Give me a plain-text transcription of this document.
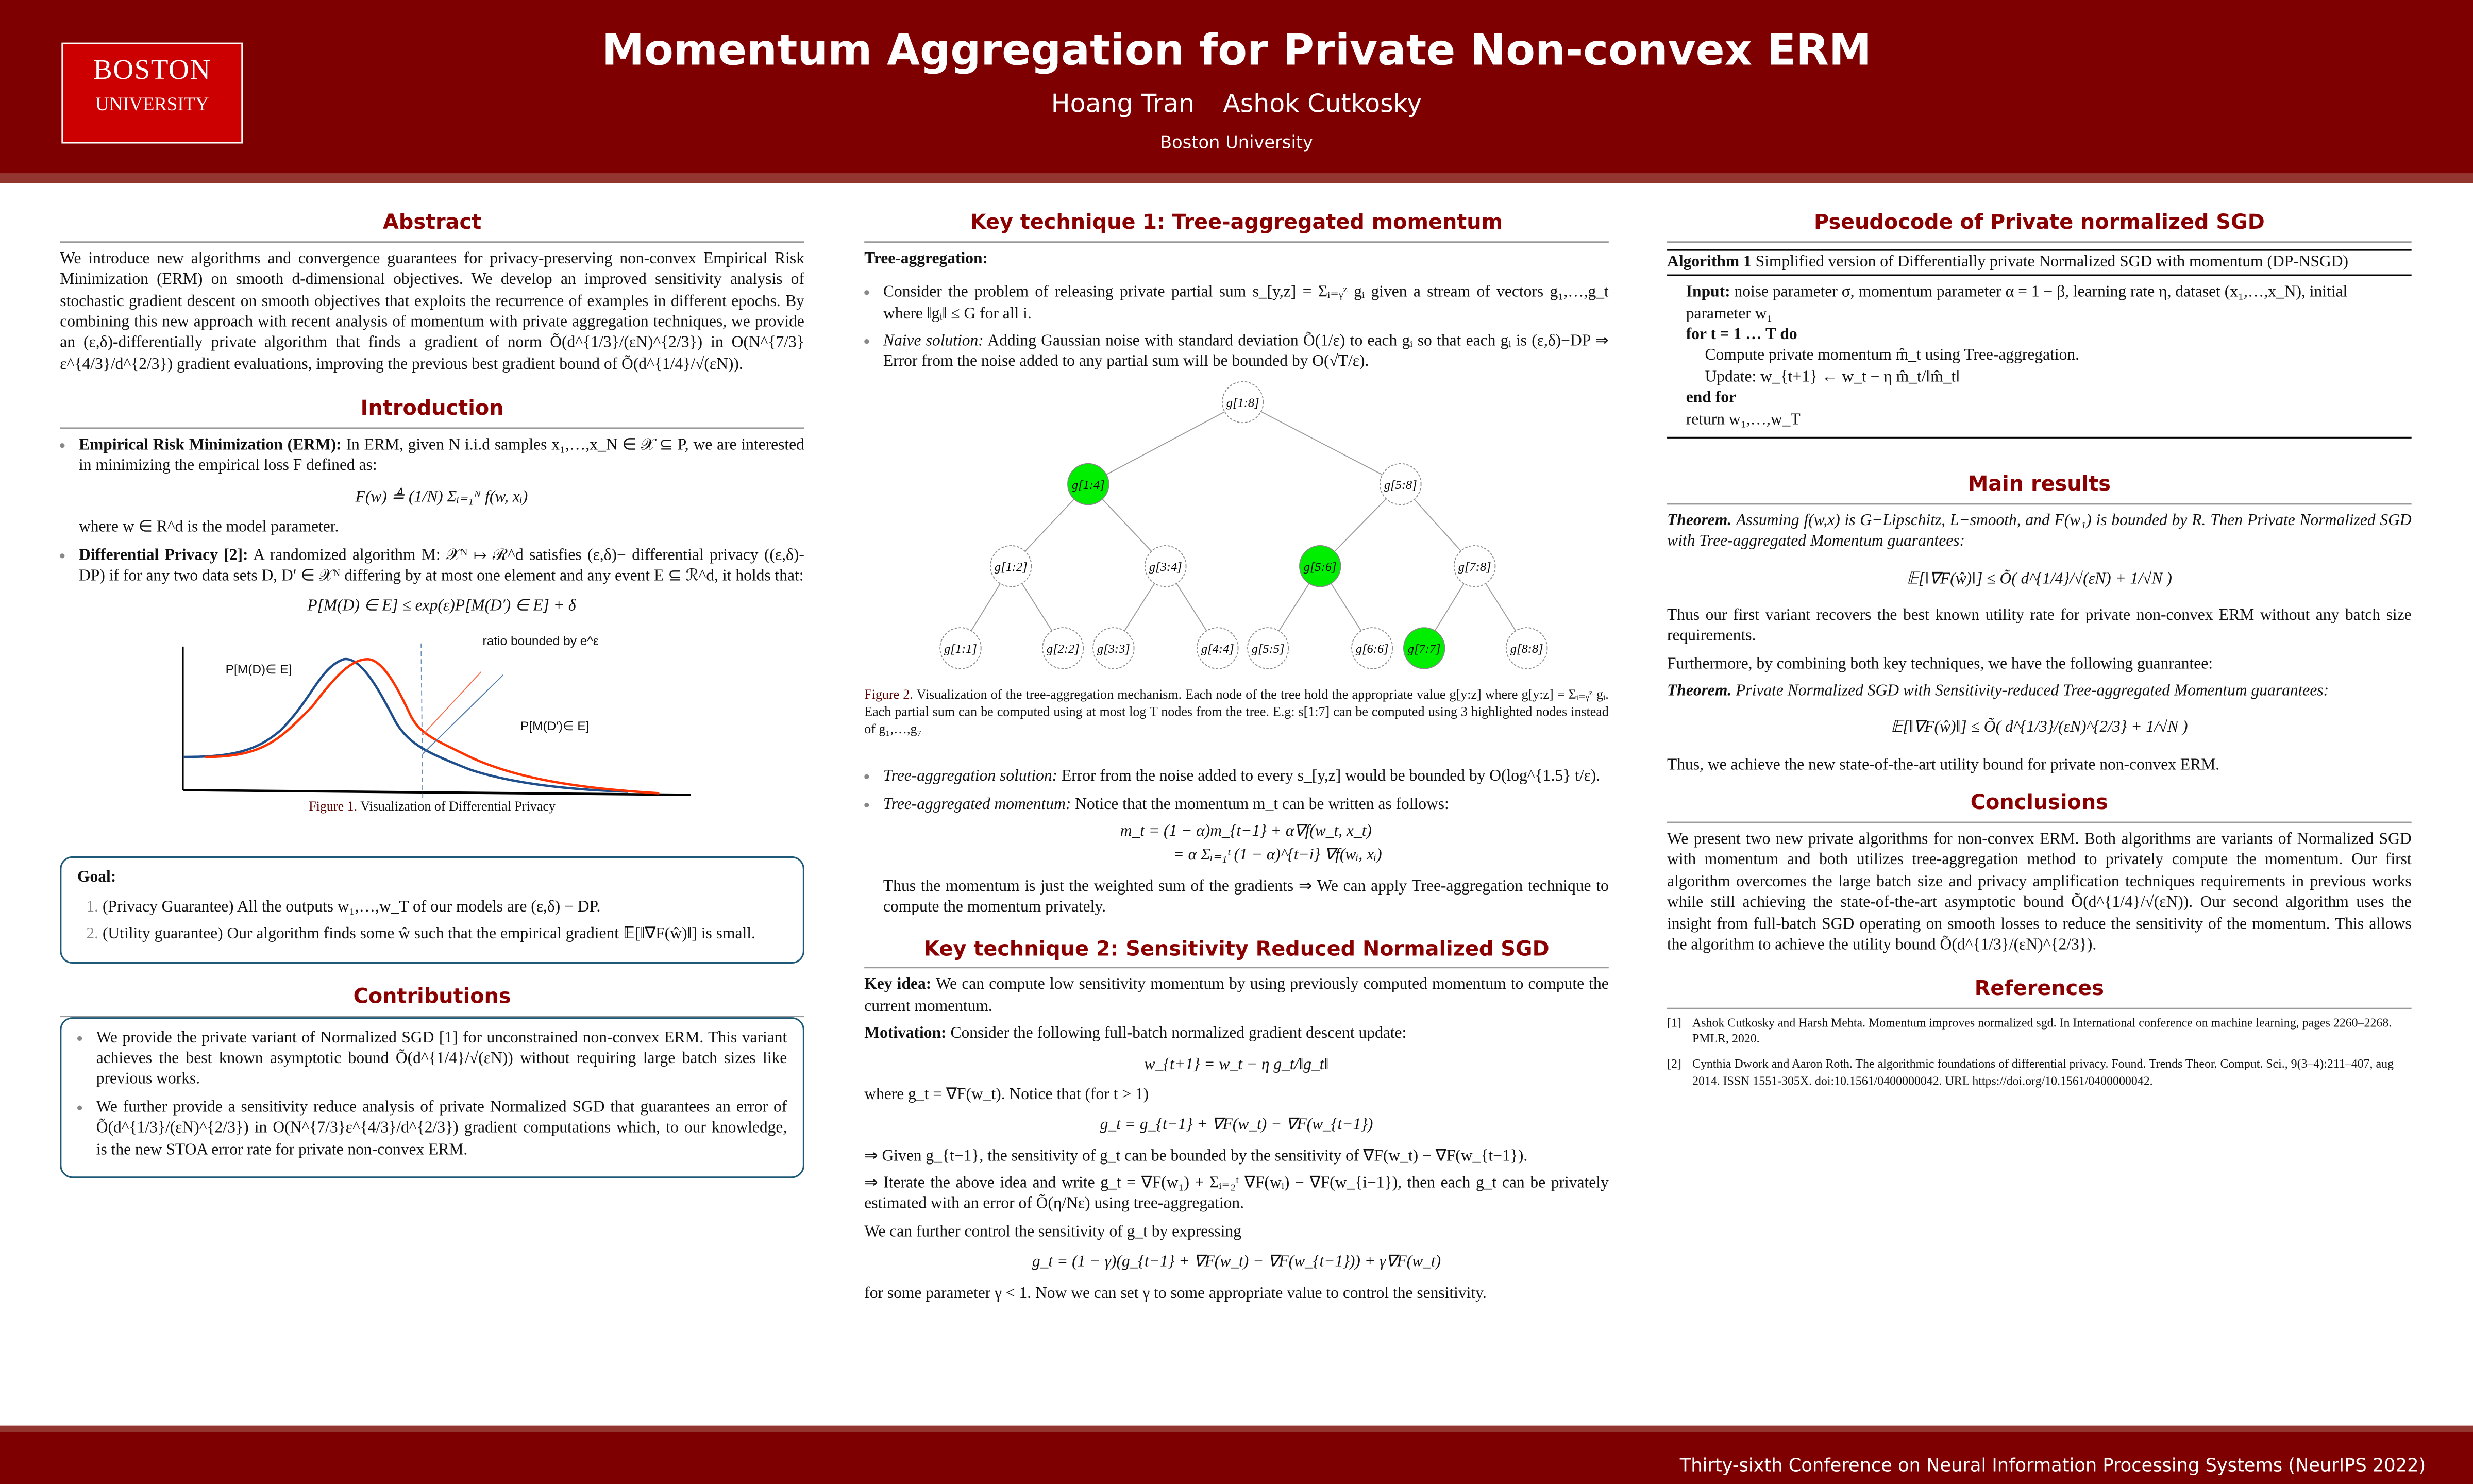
BOSTON
UNIVERSITY
Momentum Aggregation for Private Non-convex ERM
Hoang Tran	Ashok Cutkosky
Boston University
Abstract

We introduce new algorithms and convergence guarantees for privacy-preserving non-convex Empirical Risk Minimization (ERM) on smooth d-dimensional objectives. We develop an improved sensitivity analysis of stochastic gradient descent on smooth objectives that exploits the recurrence of examples in different epochs. By combining this new approach with recent analysis of momentum with private aggregation techniques, we provide an (ε,δ)-differentially private algorithm that finds a gradient of norm Õ(d^{1/3}/(εN)^{2/3}) in O(N^{7/3}ε^{4/3}/d^{2/3}) gradient evaluations, improving the previous best gradient bound of Õ(d^{1/4}/√(εN)).

Introduction
• Empirical Risk Minimization (ERM): In ERM, given N i.i.d samples x₁,…,x_N ∈ 𝒳 ⊆ P, we are interested in minimizing the empirical loss F defined as:
F(w) ≜ (1/N) Σᵢ₌₁ᴺ f(w, xᵢ)
where w ∈ R^d is the model parameter.
• Differential Privacy [2]: A randomized algorithm M: 𝒳ᴺ ↦ ℛ^d satisfies (ε,δ)− differential privacy ((ε,δ)-DP) if for any two data sets D, D′ ∈ 𝒳ᴺ differing by at most one element and any event E ⊆ ℛ^d, it holds that:
P[M(D) ∈ E] ≤ exp(ε)P[M(D′) ∈ E] + δ
P[M(D)∈ E]
P[M(D′)∈ E]
ratio bounded by e^ε
Figure 1. Visualization of Differential Privacy
Goal:
1. (Privacy Guarantee) All the outputs w₁,…,w_T of our models are (ε,δ) − DP.
2. (Utility guarantee) Our algorithm finds some ŵ such that the empirical gradient 𝔼[‖∇F(ŵ)‖] is small.
Contributions
• We provide the private variant of Normalized SGD [1] for unconstrained non-convex ERM. This variant achieves the best known asymptotic bound Õ(d^{1/4}/√(εN)) without requiring large batch sizes like previous works.
• We further provide a sensitivity reduce analysis of private Normalized SGD that guarantees an error of Õ(d^{1/3}/(εN)^{2/3}) in O(N^{7/3}ε^{4/3}/d^{2/3}) gradient computations which, to our knowledge, is the new STOA error rate for private non-convex ERM.
Key technique 1: Tree-aggregated momentum
Tree-aggregation:
• Consider the problem of releasing private partial sum s_[y,z] = Σᵢ₌ᵧᶻ gᵢ given a stream of vectors g₁,…,g_t where ‖gᵢ‖ ≤ G for all i.
• Naive solution: Adding Gaussian noise with standard deviation Õ(1/ε) to each gᵢ so that each gᵢ is (ε,δ)−DP ⇒ Error from the noise added to any partial sum will be bounded by O(√T/ε).
g[1:8]
g[1:4]	g[5:8]
g[1:2]	g[3:4]	g[5:6]	g[7:8]
g[1:1]	g[2:2]	g[3:3]	g[4:4]	g[5:5]	g[6:6]	g[7:7]	g[8:8]
Figure 2. Visualization of the tree-aggregation mechanism. Each node of the tree hold the appropriate value g[y:z] where g[y:z] = Σᵢ₌ᵧᶻ gᵢ. Each partial sum can be computed using at most log T nodes from the tree. E.g: s[1:7] can be computed using 3 highlighted nodes instead of g₁,…,g₇
• Tree-aggregation solution: Error from the noise added to every s_[y,z] would be bounded by O(log^{1.5} t/ε).
• Tree-aggregated momentum: Notice that the momentum m_t can be written as follows:
m_t = (1 − α)m_{t−1} + α∇f(w_t, x_t)
= α Σᵢ₌₁ᵗ (1 − α)^{t−i} ∇f(wᵢ, xᵢ)
Thus the momentum is just the weighted sum of the gradients ⇒ We can apply Tree-aggregation technique to compute the momentum privately.
Key technique 2: Sensitivity Reduced Normalized SGD

Key idea: We can compute low sensitivity momentum by using previously computed momentum to compute the current momentum.

Motivation: Consider the following full-batch normalized gradient descent update:

w_{t+1} = w_t − η g_t/‖g_t‖

where g_t = ∇F(w_t). Notice that (for t > 1)

g_t = g_{t−1} + ∇F(w_t) − ∇F(w_{t−1})

⇒ Given g_{t−1}, the sensitivity of g_t can be bounded by the sensitivity of ∇F(w_t) − ∇F(w_{t−1}).

⇒ Iterate the above idea and write g_t = ∇F(w₁) + Σᵢ₌₂ᵗ ∇F(wᵢ) − ∇F(w_{i−1}), then each g_t can be privately estimated with an error of Õ(η/Nε) using tree-aggregation.

We can further control the sensitivity of g_t by expressing

g_t = (1 − γ)(g_{t−1} + ∇F(w_t) − ∇F(w_{t−1})) + γ∇F(w_t)

for some parameter γ < 1. Now we can set γ to some appropriate value to control the sensitivity.

Pseudocode of Private normalized SGD
Algorithm 1 Simplified version of Differentially private Normalized SGD with momentum (DP-NSGD)
Input: noise parameter σ, momentum parameter α = 1 − β, learning rate η, dataset (x₁,…,x_N), initial parameter w₁
for t = 1 … T do
Compute private momentum m̂_t using Tree-aggregation.
Update: w_{t+1} ← w_t − η m̂_t/‖m̂_t‖
end for
return w₁,…,w_T
Main results

Theorem. Assuming f(w,x) is G−Lipschitz, L−smooth, and F(w₁) is bounded by R. Then Private Normalized SGD with Tree-aggregated Momentum guarantees:

𝔼[‖∇F(ŵ)‖] ≤ Õ( d^{1/4}/√(εN) + 1/√N )

Thus our first variant recovers the best known utility rate for private non-convex ERM without any batch size requirements.

Furthermore, by combining both key techniques, we have the following guanrantee:

Theorem. Private Normalized SGD with Sensitivity-reduced Tree-aggregated Momentum guarantees:

𝔼[‖∇F(ŵ)‖] ≤ Õ( d^{1/3}/(εN)^{2/3} + 1/√N )

Thus, we achieve the new state-of-the-art utility bound for private non-convex ERM.

Conclusions

We present two new private algorithms for non-convex ERM. Both algorithms are variants of Normalized SGD with momentum and both utilizes tree-aggregation method to privately compute the momentum. Our first algorithm overcomes the large batch size and privacy amplification techniques requirements in previous works while still achieving the state-of-the-art asymptotic bound Õ(d^{1/4}/√(εN)). Our second algorithm uses the insight from full-batch SGD operating on smooth losses to reduce the sensitivity of the momentum. This allows the algorithm to achieve the utility bound Õ(d^{1/3}/(εN)^{2/3}).

References
[1]	Ashok Cutkosky and Harsh Mehta. Momentum improves normalized sgd. In International conference on machine learning, pages 2260–2268. PMLR, 2020.
[2]	Cynthia Dwork and Aaron Roth. The algorithmic foundations of differential privacy. Found. Trends Theor. Comput. Sci., 9(3–4):211–407, aug 2014. ISSN 1551-305X. doi:10.1561/0400000042. URL https://doi.org/10.1561/0400000042.
Thirty-sixth Conference on Neural Information Processing Systems (NeurIPS 2022)
